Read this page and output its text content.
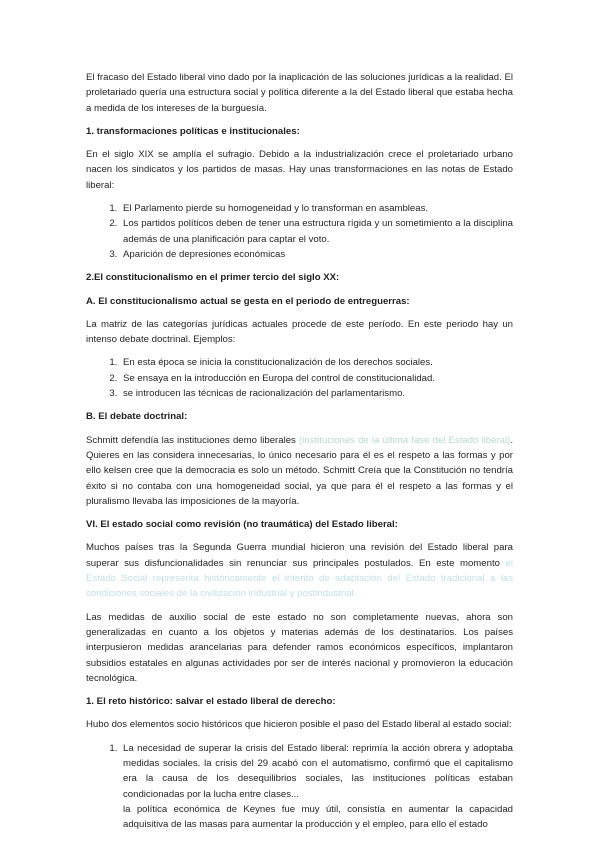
El fracaso del Estado liberal vino dado por la inaplicación de las soluciones jurídicas a la realidad. El proletariado quería una estructura social y política diferente a la del Estado liberal que estaba hecha a medida de los intereses de la burguesía.

1. transformaciones políticas e institucionales:

En el siglo XIX se amplía el sufragio. Debido a la industrialización crece el proletariado urbano nacen los sindicatos y los partidos de masas. Hay unas transformaciones en las notas de Estado liberal:

1. El Parlamento pierde su homogeneidad y lo transforman en asambleas.
2. Los partidos políticos deben de tener una estructura rígida y un sometimiento a la disciplina además de una planificación para captar el voto.
3. Aparición de depresiones económicas
2.El constitucionalismo en el primer tercio del siglo XX:
A. El constitucionalismo actual se gesta en el periodo de entreguerras:

La matriz de las categorías jurídicas actuales procede de este período. En este periodo hay un intenso debate doctrinal. Ejemplos:

1. En esta época se inicia la constitucionalización de los derechos sociales.
2. Se ensaya en la introducción en Europa del control de constitucionalidad.
3. se introducen las técnicas de racionalización del parlamentarismo.
B. El debate doctrinal:

Schmitt defendía las instituciones demo liberales (instituciones de la última fase del Estado liberal). Quieres en las considera innecesarias, lo único necesario para él es el respeto a las formas y por ello kelsen cree que la democracia es solo un método. Schmitt Creía que la Constitución no tendría éxito si no contaba con una homogeneidad social, ya que para él el respeto a las formas y el pluralismo llevaba las imposiciones de la mayoría.

VI. El estado social como revisión (no traumática) del Estado liberal:

Muchos países tras la Segunda Guerra mundial hicieron una revisión del Estado liberal para superar sus disfuncionalidades sin renunciar sus principales postulados. En este momento el Estado Social representa históricamente el intento de adaptación del Estado tradicional a las condiciones sociales de la civilización industrial y postindustrial.

Las medidas de auxilio social de este estado no son completamente nuevas, ahora son generalizadas en cuanto a los objetos y materias además de los destinatarios. Los países interpusieron medidas arancelarias para defender ramos económicos específicos, implantaron subsidios estatales en algunas actividades por ser de interés nacional y promovieron la educación tecnológica.

1. El reto histórico: salvar el estado liberal de derecho:

Hubo dos elementos socio históricos que hicieron posible el paso del Estado liberal al estado social:

1. La necesidad de superar la crisis del Estado liberal: reprimía la acción obrera y adoptaba medidas sociales. la crisis del 29 acabó con el automatismo, confirmó que el capitalismo era la causa de los desequilibrios sociales, las instituciones políticas estaban condicionadas por la lucha entre clases...
la política económica de Keynes fue muy útil, consistía en aumentar la capacidad adquisitiva de las masas para aumentar la producción y el empleo, para ello el estado
